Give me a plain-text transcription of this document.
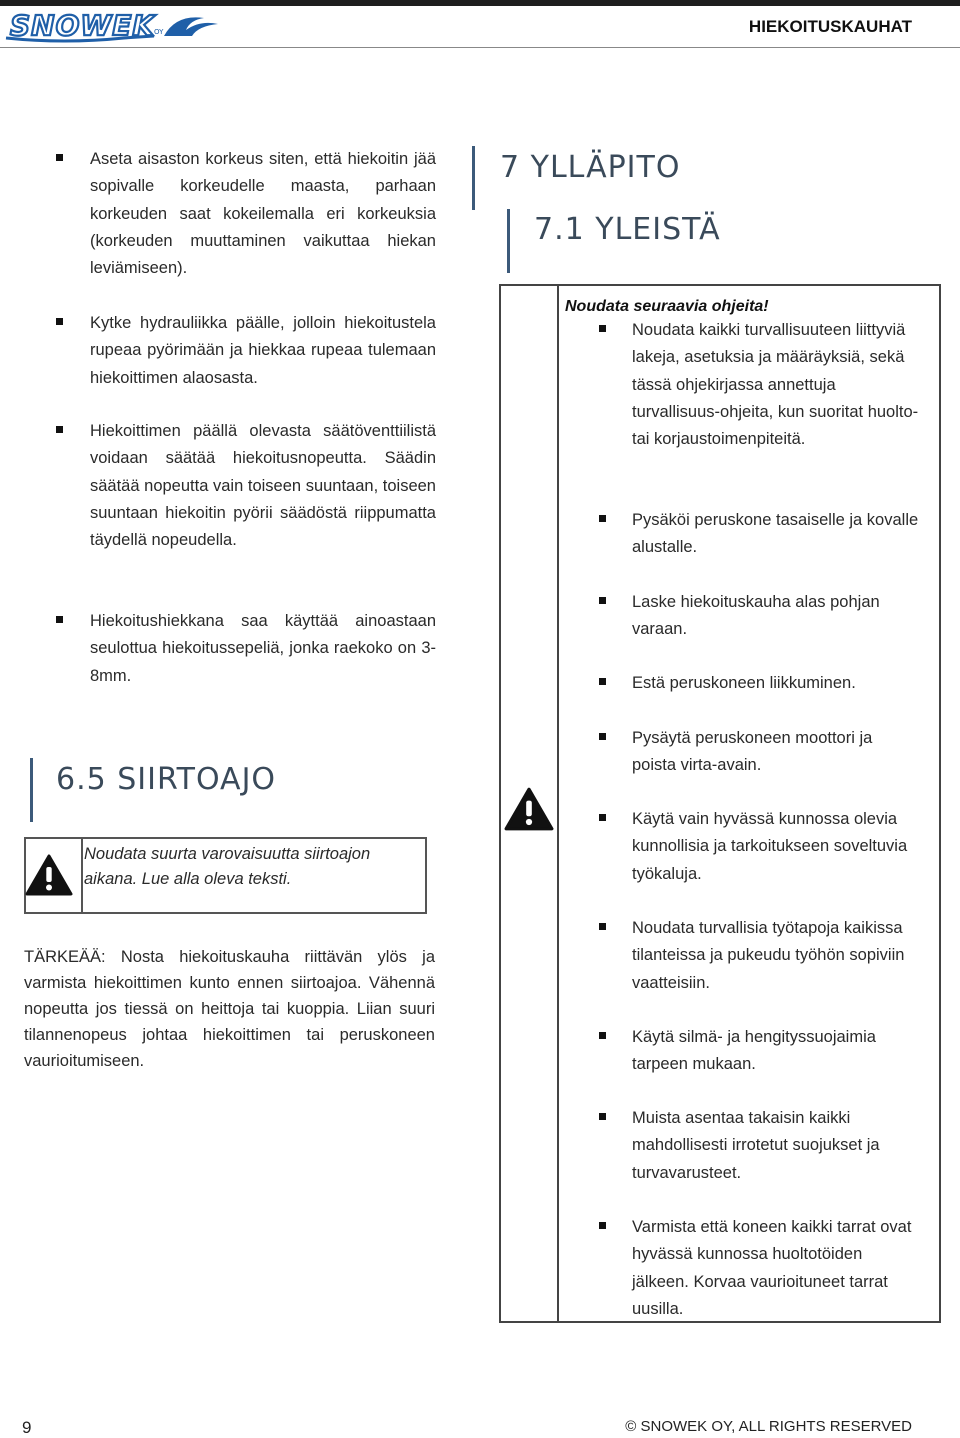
SNOWEK
OY	HIEKOITUSKAUHAT
Aseta aisaston korkeus siten, että hiekoitin jää sopivalle korkeudelle maasta, parhaan korkeuden saat kokeilemalla eri korkeuksia (korkeuden muuttaminen vaikuttaa hiekan leviämiseen).
Kytke hydrauliikka päälle, jolloin hiekoitustela rupeaa pyörimään ja hiekkaa rupeaa tulemaan hiekoittimen alaosasta.
Hiekoittimen päällä olevasta säätöventtiilistä voidaan säätää hiekoitusnopeutta. Säädin säätää nopeutta vain toiseen suuntaan, toiseen suuntaan hiekoitin pyörii säädöstä riippumatta täydellä nopeudella.
Hiekoitushiekkana saa käyttää ainoastaan seulottua hiekoitussepeliä, jonka raekoko on 3-8mm.
6.5 SIIRTOAJO
Noudata suurta varovaisuutta siirtoajon aikana. Lue alla oleva teksti.
TÄRKEÄÄ: Nosta hiekoituskauha riittävän ylös ja varmista hiekoittimen kunto ennen siirtoajoa. Vähennä nopeutta jos tiessä on heittoja tai kuoppia. Liian suuri tilannenopeus johtaa hiekoittimen tai peruskoneen vaurioitumiseen.
7 YLLÄPITO
7.1 YLEISTÄ
Noudata seuraavia ohjeita!
Noudata kaikki turvallisuuteen liittyviä lakeja, asetuksia ja määräyksiä, sekä tässä ohjekirjassa annettuja turvallisuus-ohjeita, kun suoritat huolto- tai korjaustoimenpiteitä.
Pysäköi peruskone tasaiselle ja kovalle alustalle.
Laske hiekoituskauha alas pohjan varaan.
Estä peruskoneen liikkuminen.
Pysäytä peruskoneen moottori ja poista virta-avain.
Käytä vain hyvässä kunnossa olevia kunnollisia ja tarkoitukseen soveltuvia työkaluja.
Noudata turvallisia työtapoja kaikissa tilanteissa ja pukeudu työhön sopiviin vaatteisiin.
Käytä silmä- ja hengityssuojaimia tarpeen mukaan.
Muista asentaa takaisin kaikki mahdollisesti irrotetut suojukset ja turvavarusteet.
Varmista että koneen kaikki tarrat ovat hyvässä kunnossa huoltotöiden jälkeen. Korvaa vaurioituneet tarrat uusilla.
9	© SNOWEK OY, ALL RIGHTS RESERVED
